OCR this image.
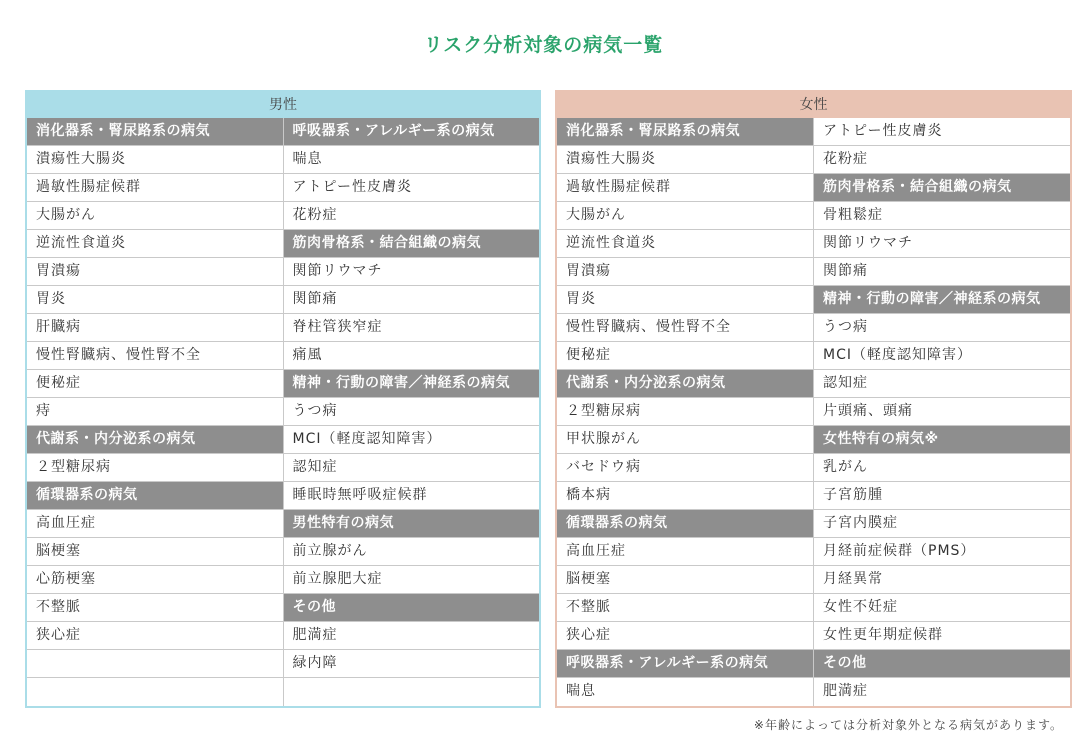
リスク分析対象の病気一覧
男性
消化器系・腎尿路系の病気
潰瘍性大腸炎
過敏性腸症候群
大腸がん
逆流性食道炎
胃潰瘍
胃炎
肝臓病
慢性腎臓病、慢性腎不全
便秘症
痔
代謝系・内分泌系の病気
２型糖尿病
循環器系の病気
高血圧症
脳梗塞
心筋梗塞
不整脈
狭心症
呼吸器系・アレルギー系の病気
喘息
アトピー性皮膚炎
花粉症
筋肉骨格系・結合組織の病気
関節リウマチ
関節痛
脊柱管狭窄症
痛風
精神・行動の障害／神経系の病気
うつ病
MCI（軽度認知障害）
認知症
睡眠時無呼吸症候群
男性特有の病気
前立腺がん
前立腺肥大症
その他
肥満症
緑内障
女性
消化器系・腎尿路系の病気
潰瘍性大腸炎
過敏性腸症候群
大腸がん
逆流性食道炎
胃潰瘍
胃炎
慢性腎臓病、慢性腎不全
便秘症
代謝系・内分泌系の病気
２型糖尿病
甲状腺がん
バセドウ病
橋本病
循環器系の病気
高血圧症
脳梗塞
不整脈
狭心症
呼吸器系・アレルギー系の病気
喘息
アトピー性皮膚炎
花粉症
筋肉骨格系・結合組織の病気
骨粗鬆症
関節リウマチ
関節痛
精神・行動の障害／神経系の病気
うつ病
MCI（軽度認知障害）
認知症
片頭痛、頭痛
女性特有の病気※
乳がん
子宮筋腫
子宮内膜症
月経前症候群（PMS）
月経異常
女性不妊症
女性更年期症候群
その他
肥満症
※年齢によっては分析対象外となる病気があります。
